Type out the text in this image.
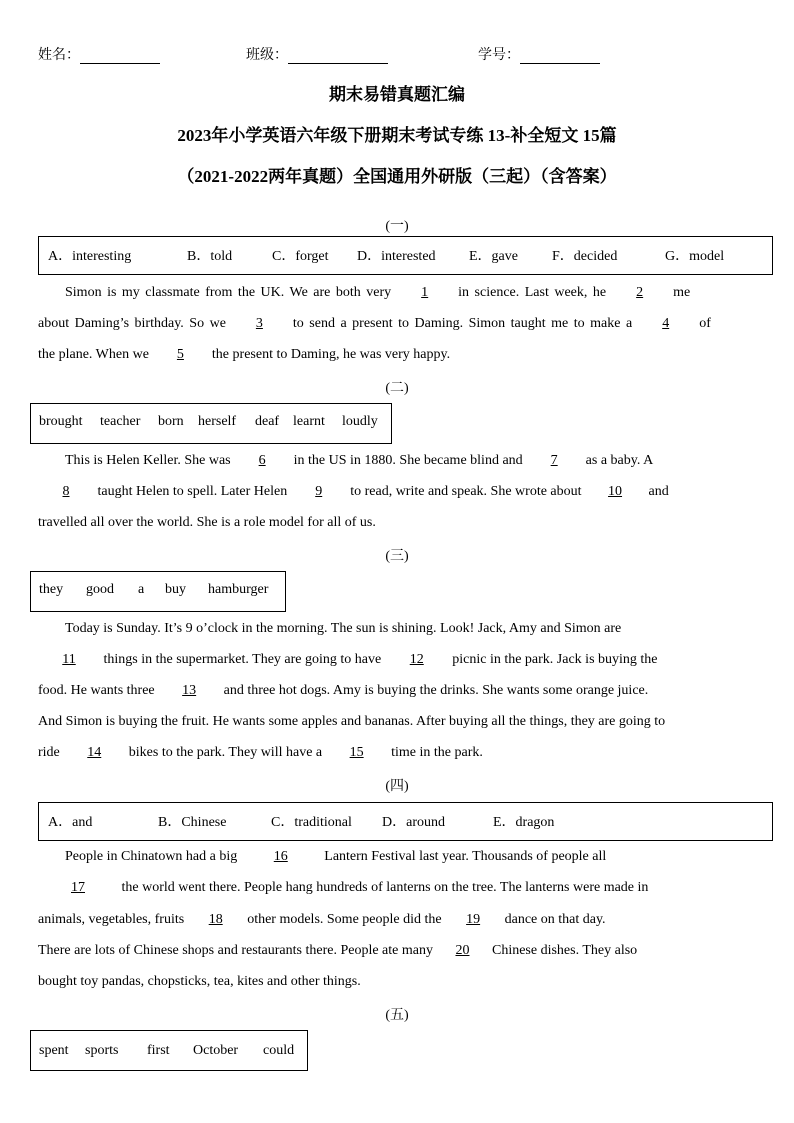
姓名：	班级：	学号：
期末易错真题汇编
2023年小学英语六年级下册期末考试专练 13-补全短文 15篇
（2021-2022两年真题）全国通用外研版（三起）（含答案）
(一)
A．interesting	B．told	C．forget D．interested E．gave F．decided	G．model
Simon is my classmate from the UK. We are both very 1 in science. Last week, he 2 me
about Daming’s birthday. So we 3 to send a present to Daming. Simon taught me to make a 4 of
the plane. When we 5 the present to Daming, he was very happy.
(二)
brought teacher born herself deaf learnt loudly
This is Helen Keller. She was 6 in the US in 1880. She became blind and 7 as a baby. A
8 taught Helen to spell. Later Helen 9 to read, write and speak. She wrote about 10 and
travelled all over the world. She is a role model for all of us.
(三)
they good a buy hamburger
Today is Sunday. It’s 9 o’clock in the morning. The sun is shining. Look! Jack, Amy and Simon are
11 things in the supermarket. They are going to have 12 picnic in the park. Jack is buying the
food. He wants three 13 and three hot dogs. Amy is buying the drinks. She wants some orange juice.
And Simon is buying the fruit. He wants some apples and bananas. After buying all the things, they are going to
ride 14 bikes to the park. They will have a 15 time in the park.
(四)
A．and	B．Chinese	C．traditional D．around	E．dragon
People in Chinatown had a big 16 Lantern Festival last year. Thousands of people all
17 the world went there. People hang hundreds of lanterns on the tree. The lanterns were made in
animals, vegetables, fruits 18 other models. Some people did the 19 dance on that day.
There are lots of Chinese shops and restaurants there. People ate many 20 Chinese dishes. They also
bought toy pandas, chopsticks, tea, kites and other things.
(五)
spent sports first October could
